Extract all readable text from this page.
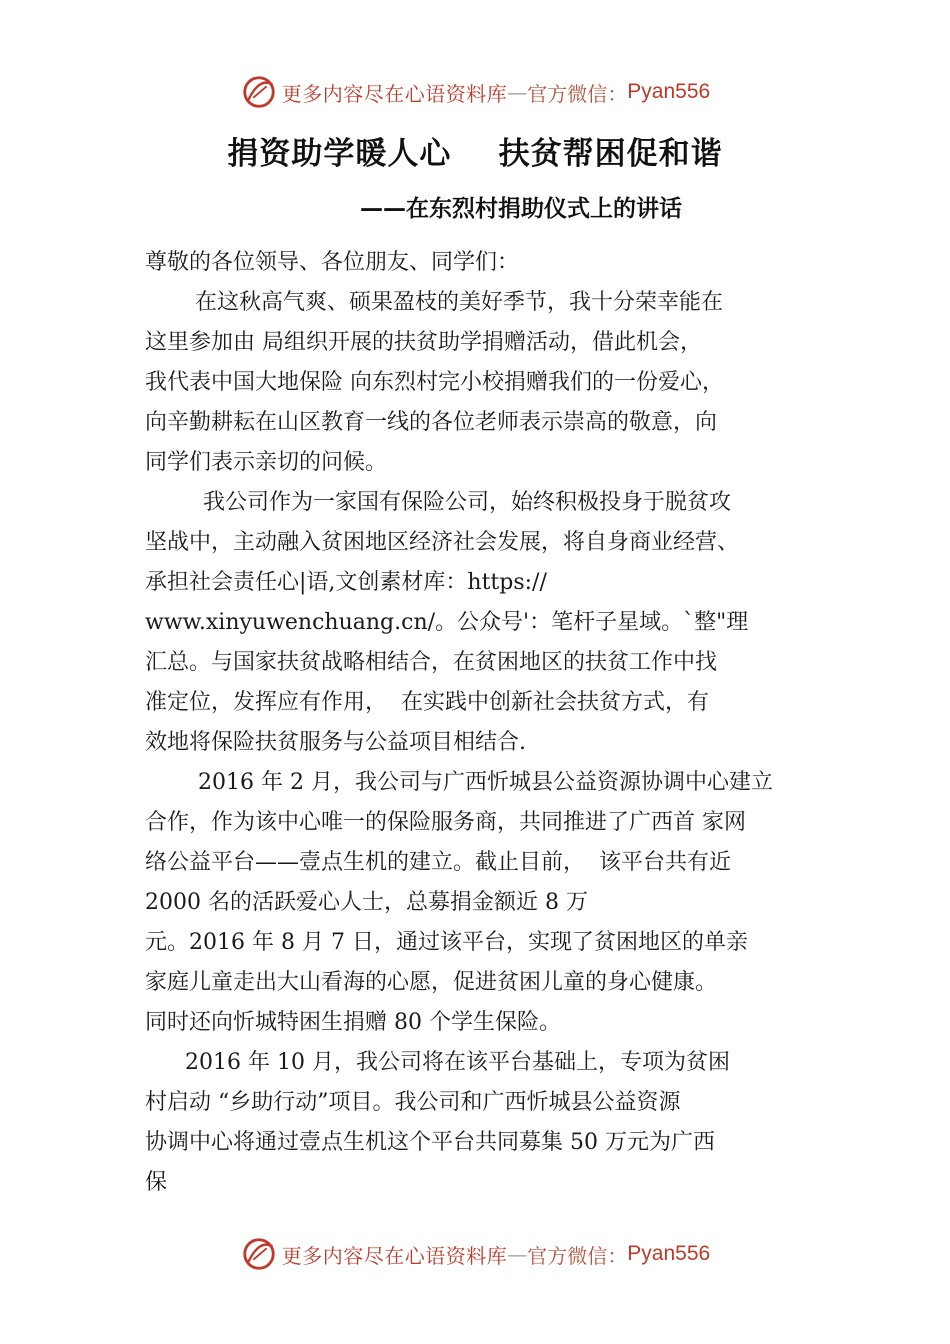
更多内容尽在心语资料库 — 官方微信： Pyan556
捐资助学暖人心    扶贫帮困促和谐
——在东烈村捐助仪式上的讲话
尊敬的各位领导、各位朋友、同学们：
在这秋高气爽、硕果盈枝的美好季节，我十分荣幸能在
这里参加由 局组织开展的扶贫助学捐赠活动，借此机会，
我代表中国大地保险 向东烈村完小校捐赠我们的一份爱心，
向辛勤耕耘在山区教育一线的各位老师表示崇高的敬意，向
同学们表示亲切的问候。
我公司作为一家国有保险公司，始终积极投身于脱贫攻
坚战中，主动融入贫困地区经济社会发展，将自身商业经营、
承担社会责任心|语,文创素材库：https://
www.xinyuwenchuang.cn/。公众号'：笔杆子星域。`整"理
汇总。与国家扶贫战略相结合，在贫困地区的扶贫工作中找
准定位，发挥应有作用，  在实践中创新社会扶贫方式，有
效地将保险扶贫服务与公益项目相结合.
2016 年 2 月，我公司与广西忻城县公益资源协调中心建立
合作，作为该中心唯一的保险服务商，共同推进了广西首 家网
络公益平台——壹点生机的建立。截止目前，  该平台共有近
2000 名的活跃爱心人士，总募捐金额近 8 万
元。2016 年 8 月 7 日，通过该平台，实现了贫困地区的单亲
家庭儿童走出大山看海的心愿，促进贫困儿童的身心健康。
同时还向忻城特困生捐赠 80 个学生保险。
2016 年 10 月，我公司将在该平台基础上，专项为贫困
村启动 “乡助行动”项目。我公司和广西忻城县公益资源
协调中心将通过壹点生机这个平台共同募集 50 万元为广西
保
更多内容尽在心语资料库 — 官方微信： Pyan556
